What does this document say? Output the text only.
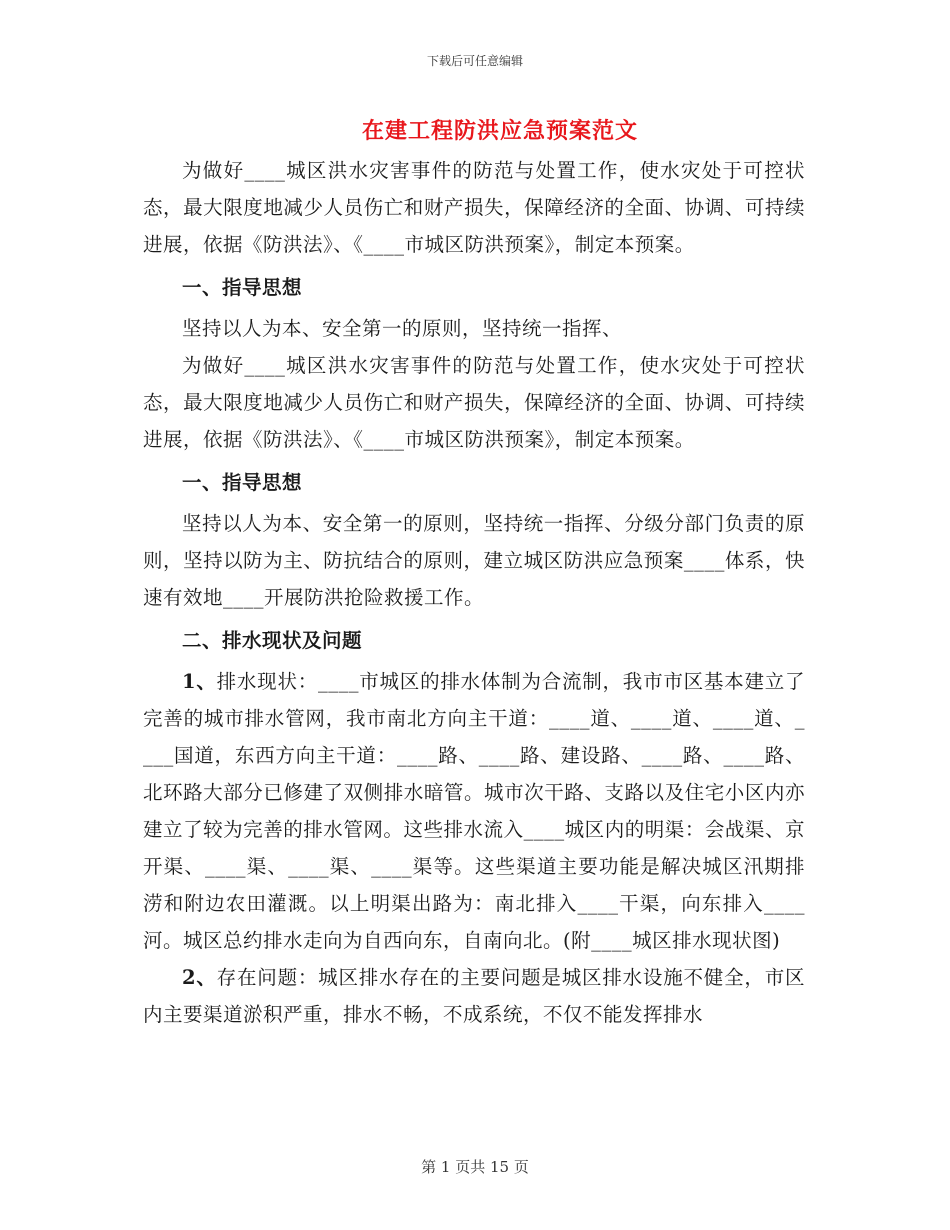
下载后可任意编辑
在建工程防洪应急预案范文

为做好____城区洪水灾害事件的防范与处置工作，使水灾处于可控状态，最大限度地减少人员伤亡和财产损失，保障经济的全面、协调、可持续进展，依据《防洪法》、《____市城区防洪预案》，制定本预案。

一、指导思想

坚持以人为本、安全第一的原则，坚持统一指挥、

为做好____城区洪水灾害事件的防范与处置工作，使水灾处于可控状态，最大限度地减少人员伤亡和财产损失，保障经济的全面、协调、可持续进展，依据《防洪法》、《____市城区防洪预案》，制定本预案。

一、指导思想

坚持以人为本、安全第一的原则，坚持统一指挥、分级分部门负责的原则，坚持以防为主、防抗结合的原则，建立城区防洪应急预案____体系，快速有效地____开展防洪抢险救援工作。

二、排水现状及问题

1、排水现状：____市城区的排水体制为合流制，我市市区基本建立了完善的城市排水管网，我市南北方向主干道：____道、____道、____道、____国道，东西方向主干道：____路、____路、建设路、____路、____路、北环路大部分已修建了双侧排水暗管。城市次干路、支路以及住宅小区内亦建立了较为完善的排水管网。这些排水流入____城区内的明渠：会战渠、京开渠、____渠、____渠、____渠等。这些渠道主要功能是解决城区汛期排涝和附边农田灌溉。以上明渠出路为：南北排入____干渠，向东排入____河。城区总约排水走向为自西向东，自南向北。(附____城区排水现状图)

2、存在问题：城区排水存在的主要问题是城区排水设施不健全，市区内主要渠道淤积严重，排水不畅，不成系统，不仅不能发挥排水

第 1 页共 15 页
